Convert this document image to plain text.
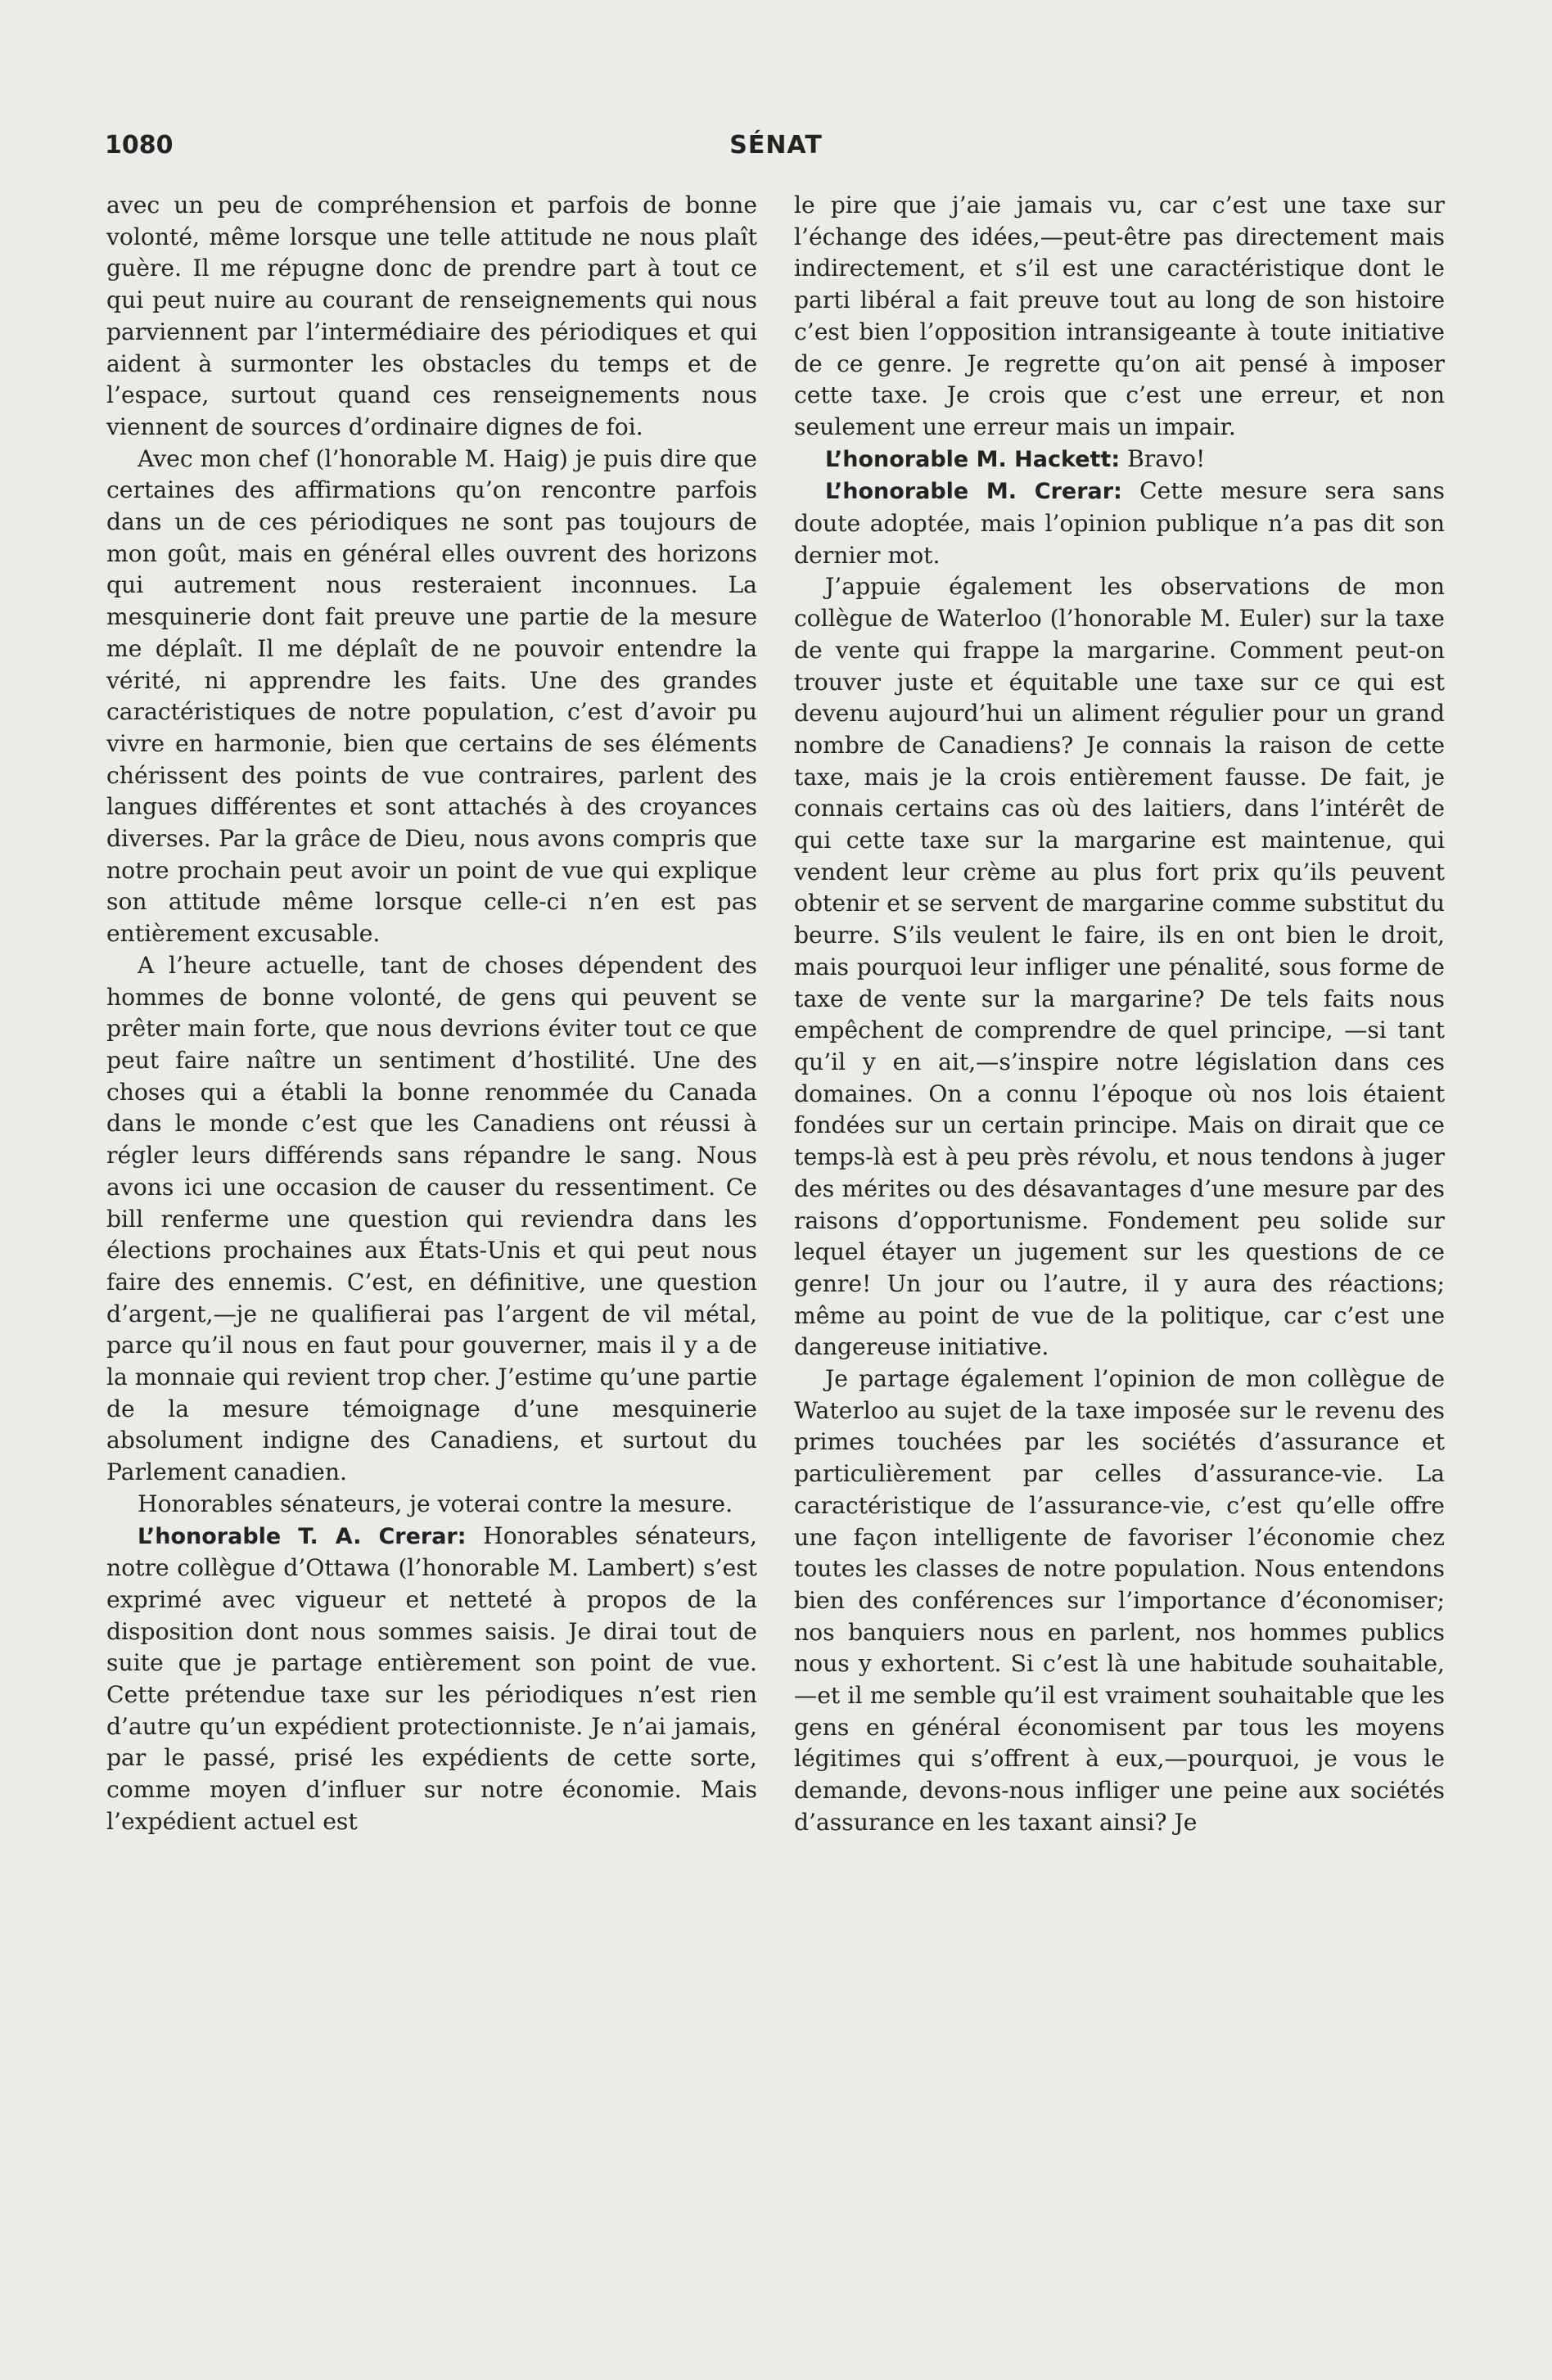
1080	SÉNAT

avec un peu de compréhension et parfois de bonne volonté, même lorsque une telle attitude ne nous plaît guère. Il me répugne donc de prendre part à tout ce qui peut nuire au courant de renseignements qui nous parviennent par l’intermédiaire des périodiques et qui aident à surmonter les obstacles du temps et de l’espace, surtout quand ces renseignements nous viennent de sources d’ordinaire dignes de foi.

Avec mon chef (l’honorable M. Haig) je puis dire que certaines des affirmations qu’on rencontre parfois dans un de ces périodiques ne sont pas toujours de mon goût, mais en général elles ouvrent des horizons qui autrement nous resteraient inconnues. La mesquinerie dont fait preuve une partie de la mesure me déplaît. Il me déplaît de ne pouvoir entendre la vérité, ni apprendre les faits. Une des grandes caractéristiques de notre population, c’est d’avoir pu vivre en harmonie, bien que certains de ses éléments chérissent des points de vue contraires, parlent des langues différentes et sont attachés à des croyances diverses. Par la grâce de Dieu, nous avons compris que notre prochain peut avoir un point de vue qui explique son attitude même lorsque celle-ci n’en est pas entièrement excusable.

A l’heure actuelle, tant de choses dépendent des hommes de bonne volonté, de gens qui peuvent se prêter main forte, que nous devrions éviter tout ce que peut faire naître un sentiment d’hostilité. Une des choses qui a établi la bonne renommée du Canada dans le monde c’est que les Canadiens ont réussi à régler leurs différends sans répandre le sang. Nous avons ici une occasion de causer du ressentiment. Ce bill renferme une question qui reviendra dans les élections prochaines aux États-Unis et qui peut nous faire des ennemis. C’est, en définitive, une question d’argent,—je ne qualifierai pas l’argent de vil métal, parce qu’il nous en faut pour gouverner, mais il y a de la monnaie qui revient trop cher. J’estime qu’une partie de la mesure témoignage d’une mesquinerie absolument indigne des Canadiens, et surtout du Parlement canadien.

Honorables sénateurs, je voterai contre la mesure.

L’honorable T. A. Crerar: Honorables sénateurs, notre collègue d’Ottawa (l’honorable M. Lambert) s’est exprimé avec vigueur et netteté à propos de la disposition dont nous sommes saisis. Je dirai tout de suite que je partage entièrement son point de vue. Cette prétendue taxe sur les périodiques n’est rien d’autre qu’un expédient protectionniste. Je n’ai jamais, par le passé, prisé les expédients de cette sorte, comme moyen d’influer sur notre économie. Mais l’expédient actuel est

le pire que j’aie jamais vu, car c’est une taxe sur l’échange des idées,—peut-être pas directement mais indirectement, et s’il est une caractéristique dont le parti libéral a fait preuve tout au long de son histoire c’est bien l’opposition intransigeante à toute initiative de ce genre. Je regrette qu’on ait pensé à imposer cette taxe. Je crois que c’est une erreur, et non seulement une erreur mais un impair.

L’honorable M. Hackett: Bravo!

L’honorable M. Crerar: Cette mesure sera sans doute adoptée, mais l’opinion publique n’a pas dit son dernier mot.

J’appuie également les observations de mon collègue de Waterloo (l’honorable M. Euler) sur la taxe de vente qui frappe la margarine. Comment peut-on trouver juste et équitable une taxe sur ce qui est devenu aujourd’hui un aliment régulier pour un grand nombre de Canadiens? Je connais la raison de cette taxe, mais je la crois entièrement fausse. De fait, je connais certains cas où des laitiers, dans l’intérêt de qui cette taxe sur la margarine est maintenue, qui vendent leur crème au plus fort prix qu’ils peuvent obtenir et se servent de margarine comme substitut du beurre. S’ils veulent le faire, ils en ont bien le droit, mais pourquoi leur infliger une pénalité, sous forme de taxe de vente sur la margarine? De tels faits nous empêchent de comprendre de quel principe, —si tant qu’il y en ait,—s’inspire notre législation dans ces domaines. On a connu l’époque où nos lois étaient fondées sur un certain principe. Mais on dirait que ce temps-là est à peu près révolu, et nous tendons à juger des mérites ou des désavantages d’une mesure par des raisons d’opportunisme. Fondement peu solide sur lequel étayer un jugement sur les questions de ce genre! Un jour ou l’autre, il y aura des réactions; même au point de vue de la politique, car c’est une dangereuse initiative.

Je partage également l’opinion de mon collègue de Waterloo au sujet de la taxe imposée sur le revenu des primes touchées par les sociétés d’assurance et particulièrement par celles d’assurance-vie. La caractéristique de l’assurance-vie, c’est qu’elle offre une façon intelligente de favoriser l’économie chez toutes les classes de notre population. Nous entendons bien des conférences sur l’importance d’économiser; nos banquiers nous en parlent, nos hommes publics nous y exhortent. Si c’est là une habitude souhaitable,—et il me semble qu’il est vraiment souhaitable que les gens en général économisent par tous les moyens légitimes qui s’offrent à eux,—pourquoi, je vous le demande, devons-nous infliger une peine aux sociétés d’assurance en les taxant ainsi? Je
